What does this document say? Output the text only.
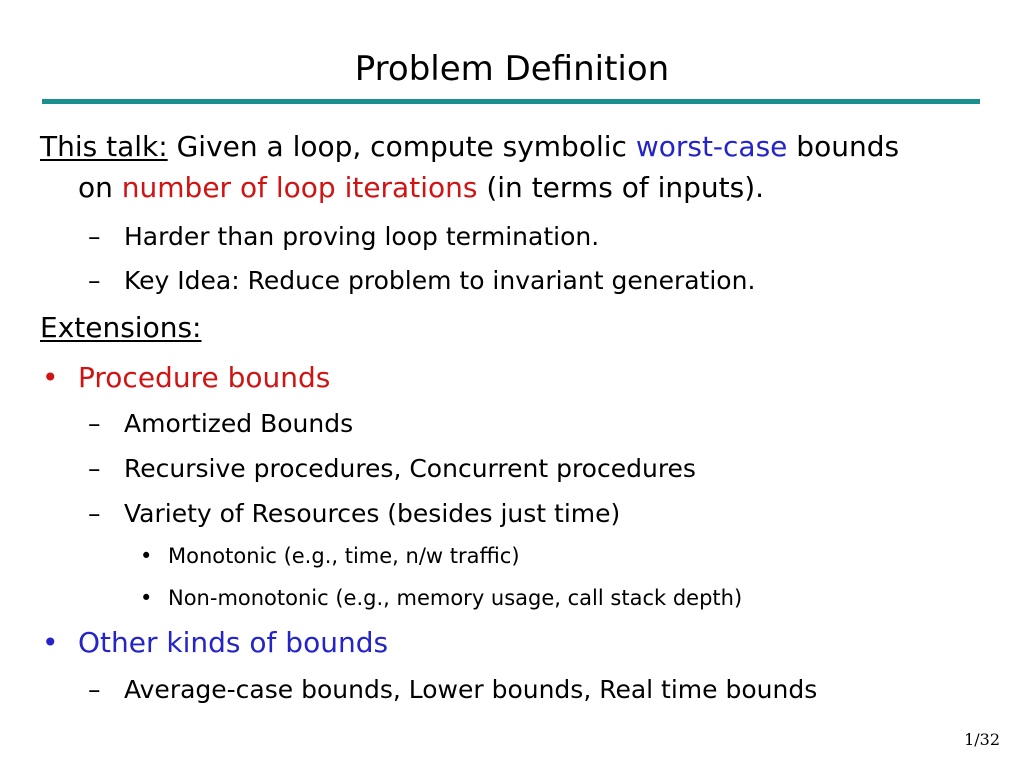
Problem Definition
This talk: Given a loop, compute symbolic worst-case bounds
on number of loop iterations (in terms of inputs).
– Harder than proving loop termination.
– Key Idea: Reduce problem to invariant generation.
Extensions:
• Procedure bounds
– Amortized Bounds
– Recursive procedures, Concurrent procedures
– Variety of Resources (besides just time)
• Monotonic (e.g., time, n/w traffic)
• Non-monotonic (e.g., memory usage, call stack depth)
• Other kinds of bounds
– Average-case bounds, Lower bounds, Real time bounds
1/32
